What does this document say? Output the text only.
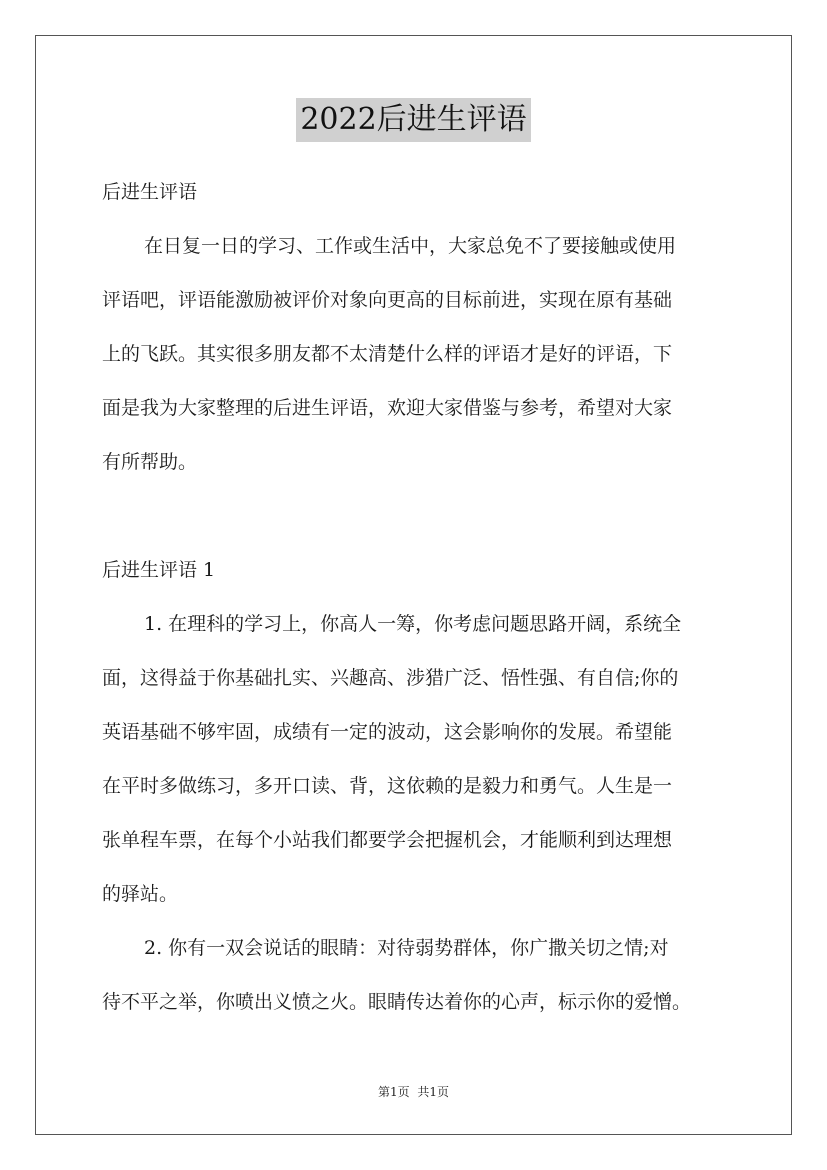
2022后进生评语
后进生评语
在日复一日的学习、工作或生活中，大家总免不了要接触或使用
评语吧，评语能激励被评价对象向更高的目标前进，实现在原有基础
上的飞跃。其实很多朋友都不太清楚什么样的评语才是好的评语，下
面是我为大家整理的后进生评语，欢迎大家借鉴与参考，希望对大家
有所帮助。
后进生评语 1
1. 在理科的学习上，你高人一筹，你考虑问题思路开阔，系统全
面，这得益于你基础扎实、兴趣高、涉猎广泛、悟性强、有自信;你的
英语基础不够牢固，成绩有一定的波动，这会影响你的发展。希望能
在平时多做练习，多开口读、背，这依赖的是毅力和勇气。人生是一
张单程车票，在每个小站我们都要学会把握机会，才能顺利到达理想
的驿站。
2. 你有一双会说话的眼睛：对待弱势群体，你广撒关切之情;对
待不平之举，你喷出义愤之火。眼睛传达着你的心声，标示你的爱憎。
第1页 共1页
